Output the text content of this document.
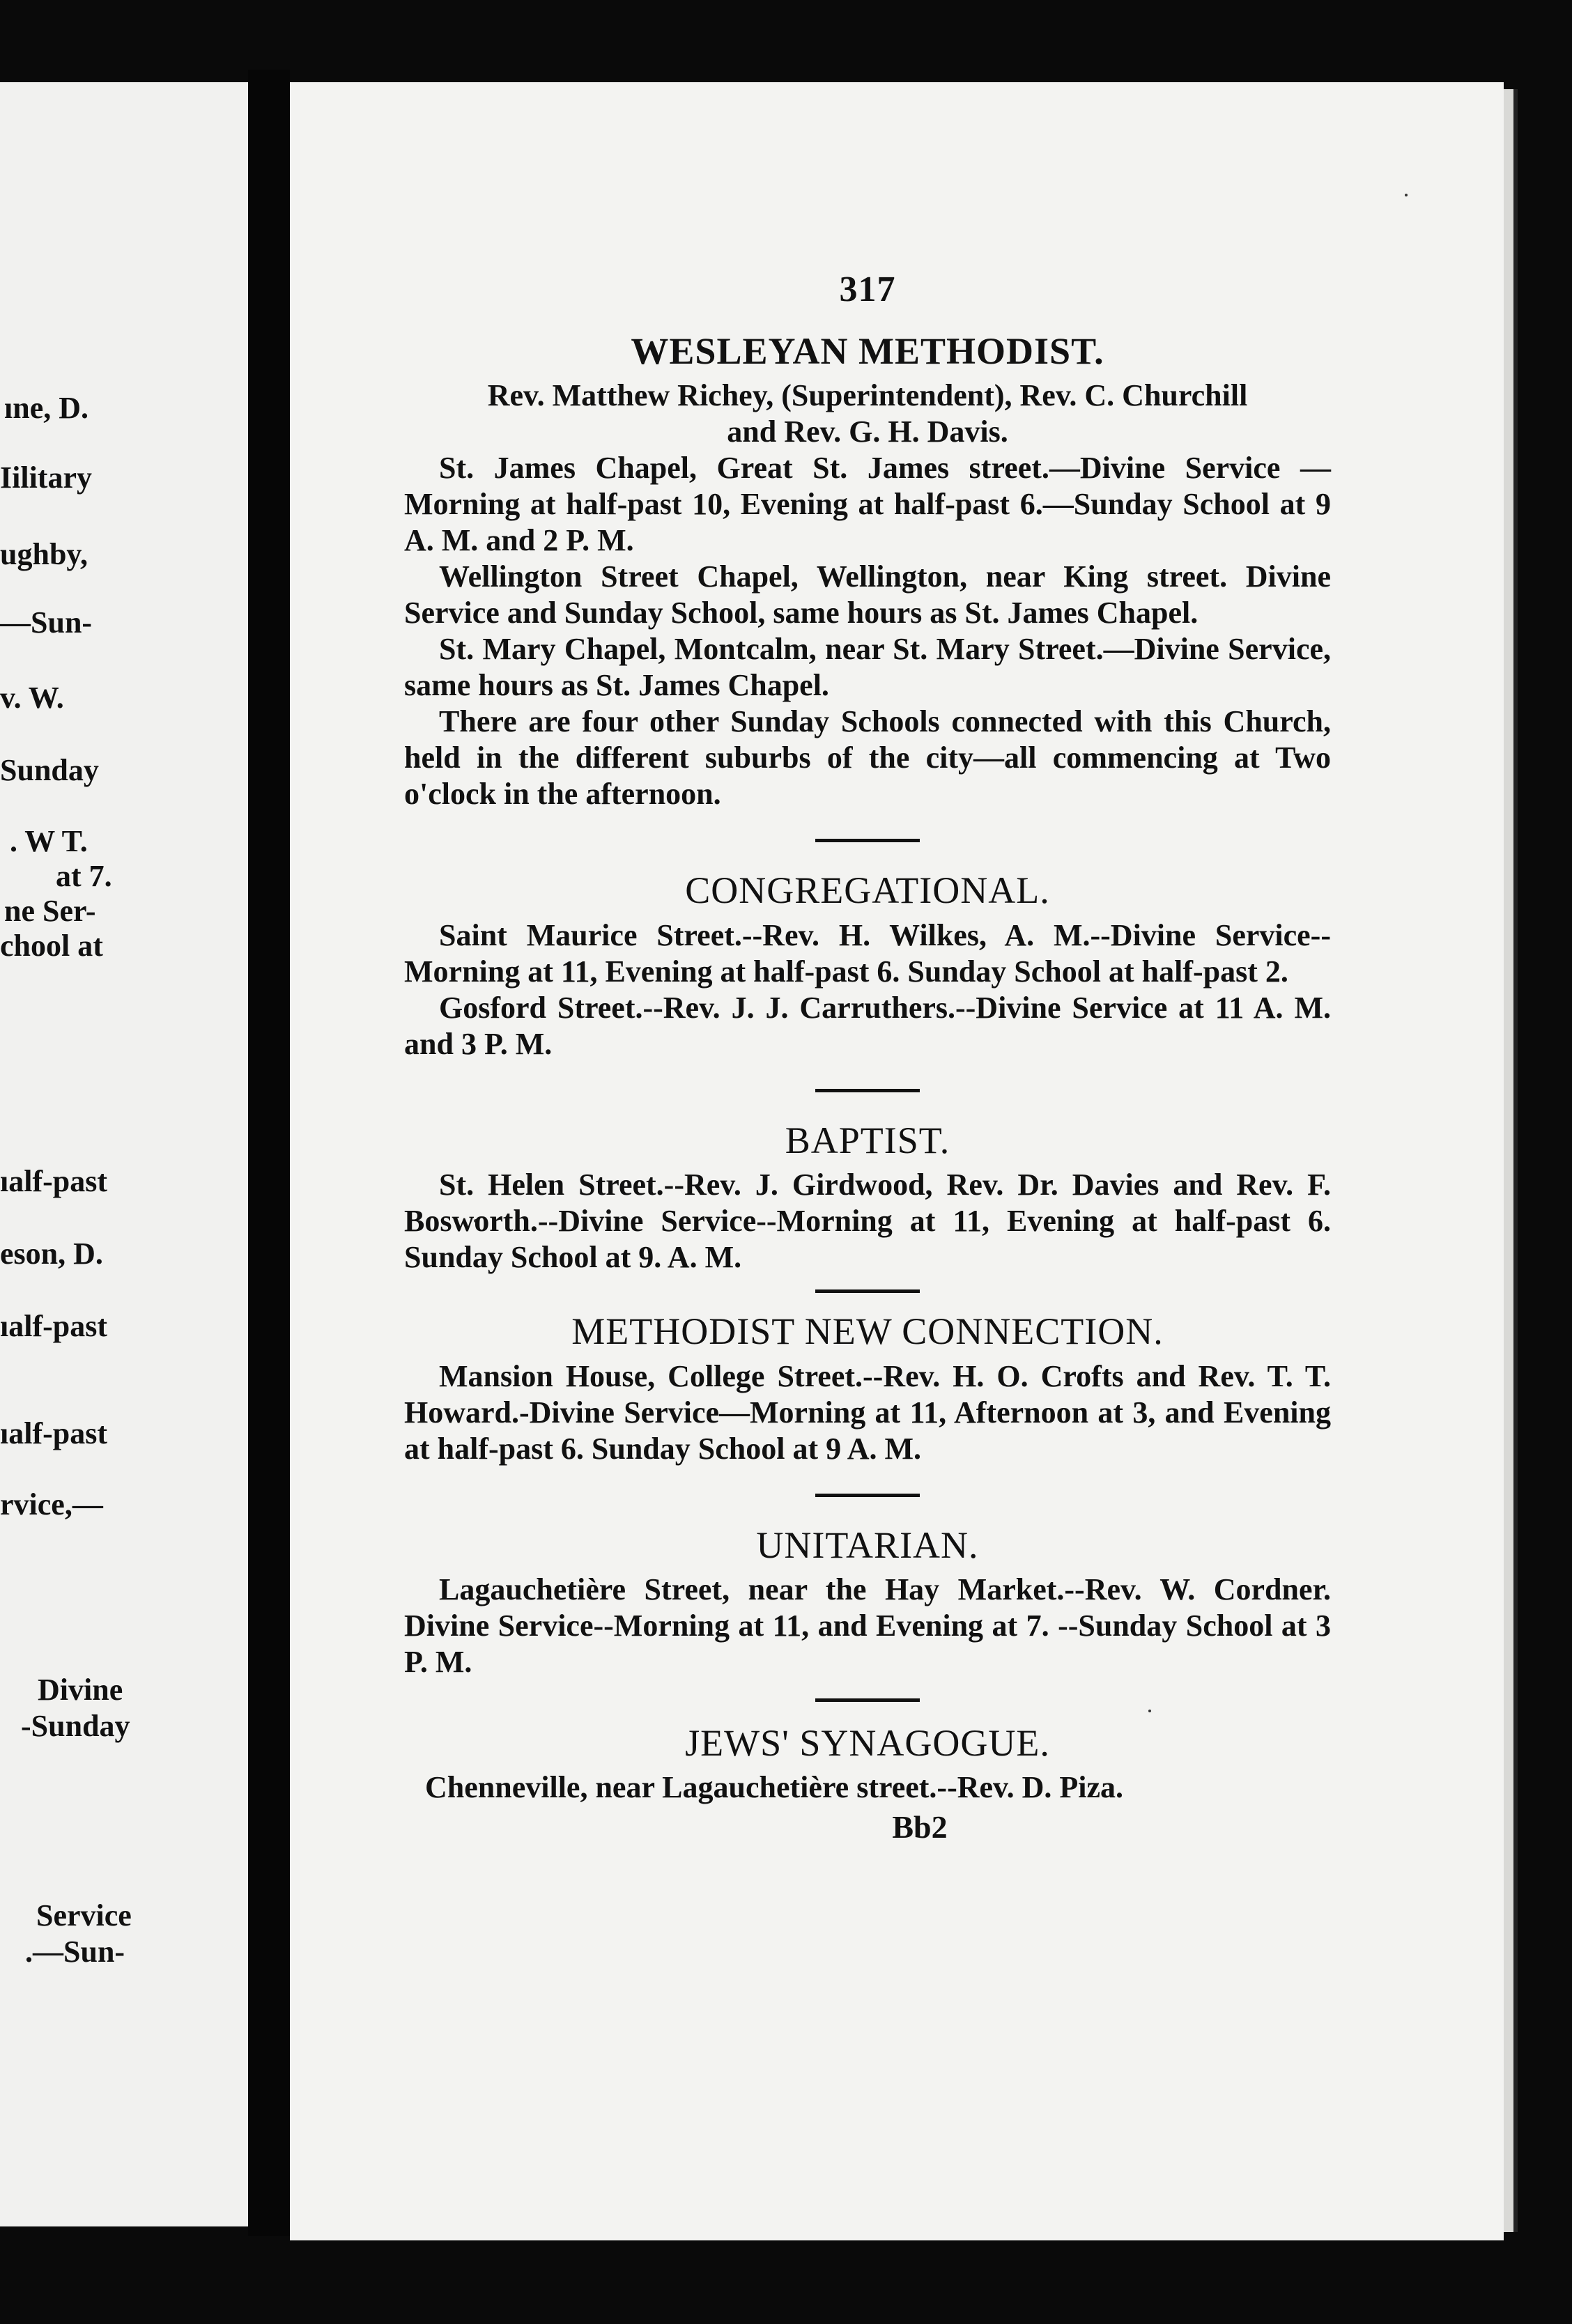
ıne, D.
Iilitary
ughby,
—Sun-
v. W.
Sunday
. W T.
at 7.
ne Ser-
chool at
ıalf-past
eson, D.
ıalf-past
ıalf-past
rvice,—
Divine
-Sunday
Service
.—Sun-
317
WESLEYAN METHODIST.

Rev. Matthew Richey, (Superintendent), Rev. C. Churchill

and Rev. G. H. Davis.

St. James Chapel, Great St. James street.—Divine Service —Morning at half-past 10, Evening at half-past 6.—Sunday School at 9 A. M. and 2 P. M.

Wellington Street Chapel, Wellington, near King street. Divine Service and Sunday School, same hours as St. James Chapel.

St. Mary Chapel, Montcalm, near St. Mary Street.—Divine Service, same hours as St. James Chapel.

There are four other Sunday Schools connected with this Church, held in the different suburbs of the city—all commencing at Two o'clock in the afternoon.

CONGREGATIONAL.

Saint Maurice Street.--Rev. H. Wilkes, A. M.--Divine Service--Morning at 11, Evening at half-past 6. Sunday School at half-past 2.

Gosford Street.--Rev. J. J. Carruthers.--Divine Service at 11 A. M. and 3 P. M.

BAPTIST.

St. Helen Street.--Rev. J. Girdwood, Rev. Dr. Davies and Rev. F. Bosworth.--Divine Service--Morning at 11, Evening at half-past 6. Sunday School at 9. A. M.

METHODIST NEW CONNECTION.

Mansion House, College Street.--Rev. H. O. Crofts and Rev. T. T. Howard.-Divine Service—Morning at 11, Afternoon at 3, and Evening at half-past 6. Sunday School at 9 A. M.

UNITARIAN.

Lagauchetière Street, near the Hay Market.--Rev. W. Cordner. Divine Service--Morning at 11, and Evening at 7. --Sunday School at 3 P. M.

JEWS' SYNAGOGUE.

Chenneville, near Lagauchetière street.--Rev. D. Piza.

Bb2
